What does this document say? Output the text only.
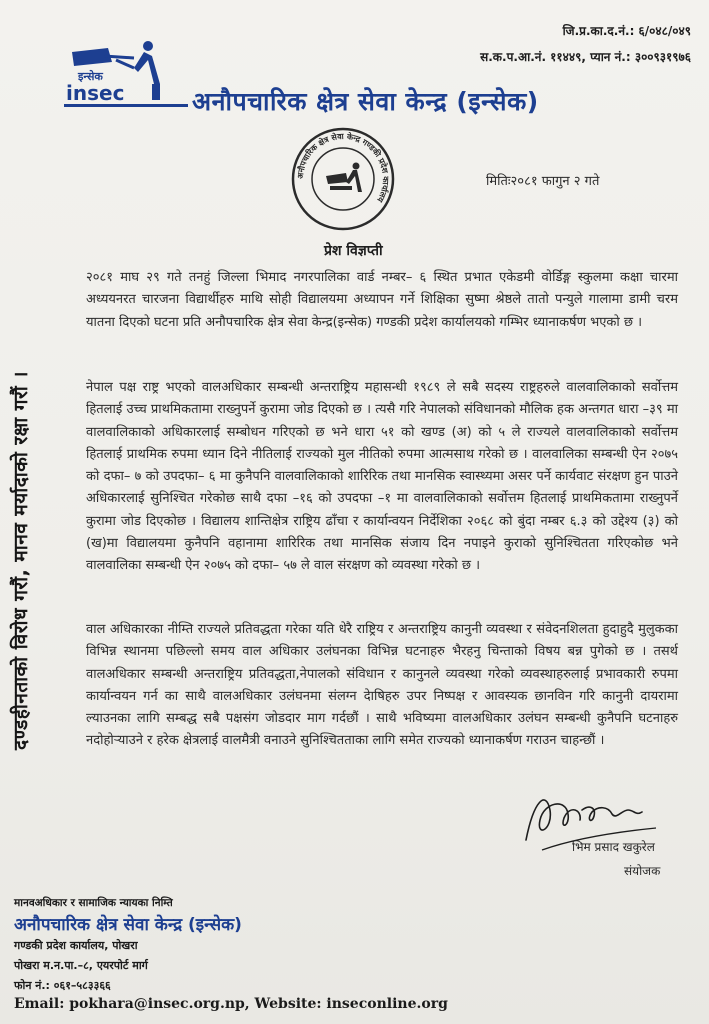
जि.प्र.का.द.नं.: ६/०४८/०४९
स.क.प.आ.नं. ११४४९, प्यान नं.: ३००९३१९७६
इन्सेक
insec	अनौपचारिक क्षेत्र सेवा केन्द्र (इन्सेक)
अनौपचारिक क्षेत्र सेवा केन्द्र गण्डकी प्रदेश कार्यालय
मितिः२०८१ फागुन २ गते
प्रेश विज्ञप्ती
२०८१ माघ २९ गते तनहुं जिल्ला भिमाद नगरपालिका वार्ड नम्बर– ६ स्थित प्रभात एकेडमी वोर्डिङ्ग स्कुलमा कक्षा चारमा अध्ययनरत चारजना विद्यार्थीहरु माथि सोही विद्यालयमा अध्यापन गर्ने शिक्षिका सुष्मा श्रेष्ठले तातो पन्युले गालामा डामी चरम यातना दिएको घटना प्रति अनौपचारिक क्षेत्र सेवा केन्द्र(इन्सेक) गण्डकी प्रदेश कार्यालयको गम्भिर ध्यानाकर्षण भएको छ ।
नेपाल पक्ष राष्ट्र भएको वालअधिकार सम्बन्धी अन्तराष्ट्रिय महासन्धी १९८९ ले सबै सदस्य राष्ट्रहरुले वालवालिकाको सर्वोत्तम हितलाई उच्च प्राथमिकतामा राख्नुपर्ने कुरामा जोड दिएको छ । त्यसै गरि नेपालको संविधानको मौलिक हक अन्तगत धारा –३९ मा वालवालिकाको अधिकारलाई सम्बोधन गरिएको छ भने धारा ५१ को खण्ड (अ) को ५ ले राज्यले वालवालिकाको सर्वोत्तम हितलाई प्राथमिक रुपमा ध्यान दिने नीतिलाई राज्यको मुल नीतिको रुपमा आत्मसाथ गरेको छ । वालवालिका सम्बन्धी ऐन २०७५ को दफा– ७ को उपदफा– ६ मा कुनैपनि वालवालिकाको शारिरिक तथा मानसिक स्वास्थ्यमा असर पर्ने कार्यवाट संरक्षण हुन पाउने अधिकारलाई सुनिश्चित गरेकोछ साथै दफा –१६ को उपदफा –१ मा वालवालिकाको सर्वोत्तम हितलाई प्राथमिकतामा राख्नुपर्ने कुरामा जोड दिएकोछ । विद्यालय शान्तिक्षेत्र राष्ट्रिय ढाँचा र कार्यान्वयन निर्देशिका २०६८ को बुंदा नम्बर ६.३ को उद्देश्य (३) को (ख)मा विद्यालयमा कुनैपनि वहानामा शारिरिक तथा मानसिक संजाय दिन नपाइने कुराको सुनिश्चितता गरिएकोछ भने वालवालिका सम्बन्धी ऐन २०७५ को दफा– ५७ ले वाल संरक्षण को व्यवस्था गरेको छ ।
वाल अधिकारका नीम्ति राज्यले प्रतिवद्धता गरेका यति धेरै राष्ट्रिय र अन्तराष्ट्रिय कानुनी व्यवस्था र संवेदनशिलता हुदाहुदै मुलुकका विभिन्न स्थानमा पछिल्लो समय वाल अधिकार उलंघनका विभिन्न घटनाहरु भैरहनु चिन्ताको विषय बन्न पुगेको छ । तसर्थ वालअधिकार सम्बन्धी अन्तराष्ट्रिय प्रतिवद्धता,नेपालको संविधान र कानुनले व्यवस्था गरेको व्यवस्थाहरुलाई प्रभावकारी रुपमा कार्यान्वयन गर्न का साथै वालअधिकार उलंघनमा संलग्न देाषिहरु उपर निष्पक्ष र आवस्यक छानविन गरि कानुनी दायरामा ल्याउनका लागि सम्बद्ध सबै पक्षसंग जोडदार माग गर्दछौं । साथै भविष्यमा वालअधिकार उलंघन सम्बन्धी कुनैपनि घटनाहरु नदोहोऱ्याउने र हरेक क्षेत्रलाई वालमैत्री वनाउने सुनिश्चितताका लागि समेत राज्यको ध्यानाकर्षण गराउन चाहन्छौं ।
दण्डहीनताको विरोध गरौं, मानव मर्यादाको रक्षा गरौं ।
भिम प्रसाद खकुरेल
संयोजक
मानवअधिकार र सामाजिक न्यायका निम्ति
अनौपचारिक क्षेत्र सेवा केन्द्र (इन्सेक)
गण्डकी प्रदेश कार्यालय, पोखरा
पोखरा म.न.पा.–८, एयरपोर्ट मार्ग
फोन नं.: ०६१–५८३३६६
Email: pokhara@insec.org.np, Website: inseconline.org
